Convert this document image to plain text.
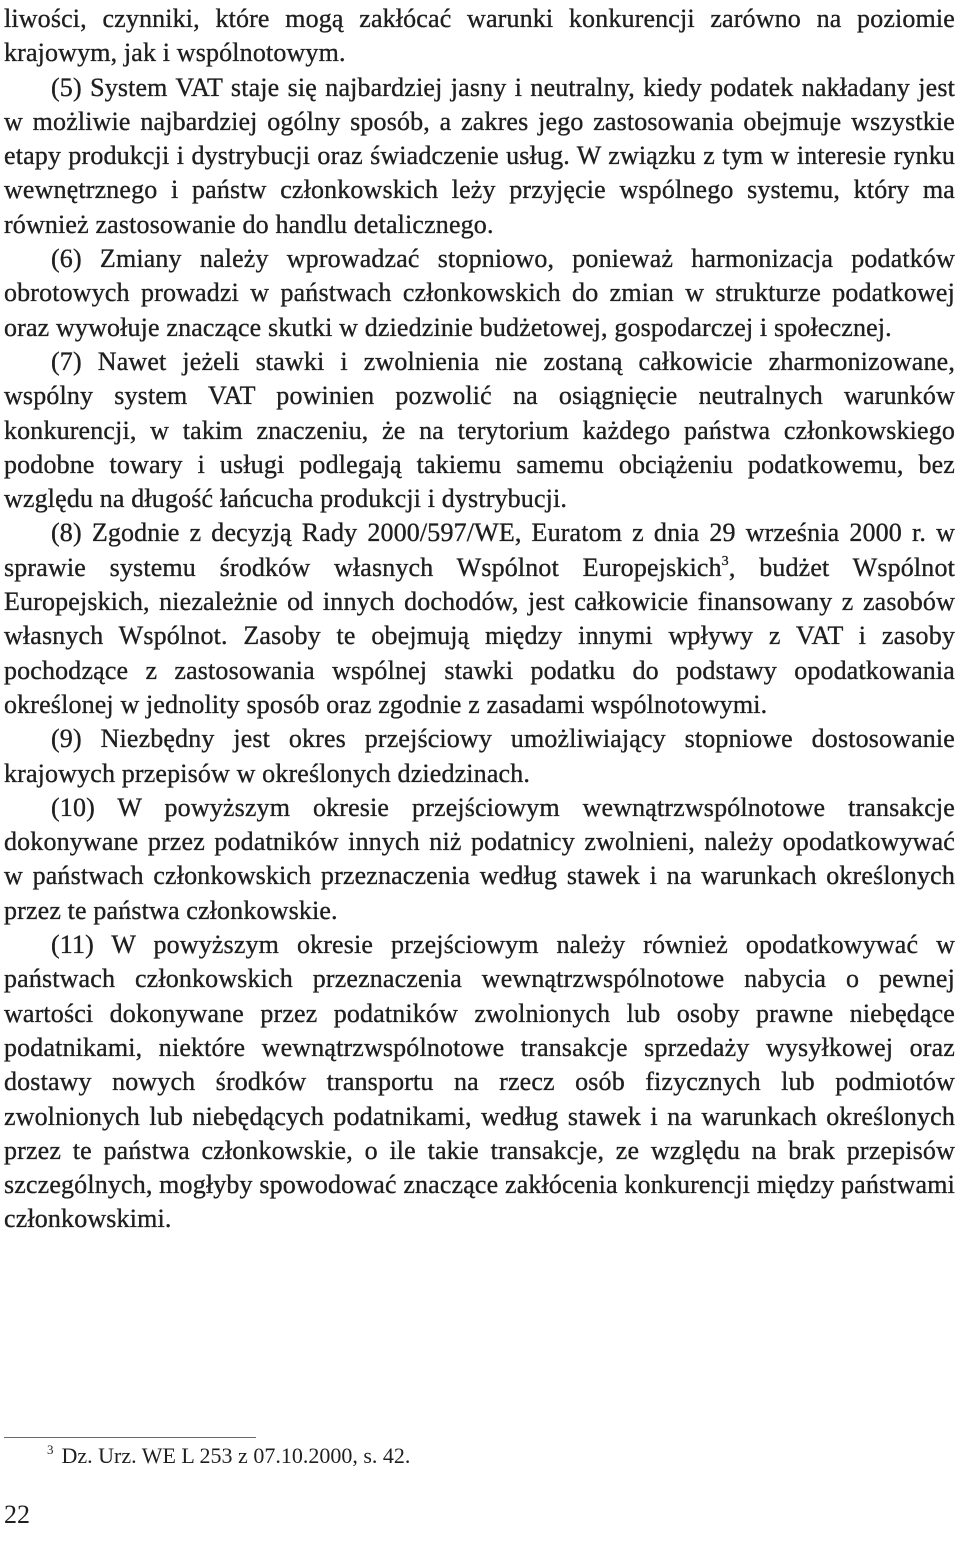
liwości, czynniki, które mogą zakłócać warunki konkurencji zarówno na poziomie krajowym, jak i wspólnotowym.

(5) System VAT staje się najbardziej jasny i neutralny, kiedy podatek nakładany jest w możliwie najbardziej ogólny sposób, a zakres jego zastosowania obejmuje wszystkie etapy produkcji i dystrybucji oraz świadczenie usług. W związku z tym w interesie rynku wewnętrznego i państw członkowskich leży przyjęcie wspólnego systemu, który ma również zastosowanie do handlu detalicznego.

(6) Zmiany należy wprowadzać stopniowo, ponieważ harmonizacja podatków obrotowych prowadzi w państwach członkowskich do zmian w strukturze podatkowej oraz wywołuje znaczące skutki w dziedzinie budżetowej, gospodarczej i społecznej.

(7) Nawet jeżeli stawki i zwolnienia nie zostaną całkowicie zharmonizowane, wspólny system VAT powinien pozwolić na osiągnięcie neutralnych warunków konkurencji, w takim znaczeniu, że na terytorium każdego państwa członkowskiego podobne towary i usługi podlegają takiemu samemu obciążeniu podatkowemu, bez względu na długość łańcucha produkcji i dystrybucji.

(8) Zgodnie z decyzją Rady 2000/597/WE, Euratom z dnia 29 września 2000 r. w sprawie systemu środków własnych Wspólnot Europejskich$^3$, budżet Wspólnot Europejskich, niezależnie od innych dochodów, jest całkowicie finansowany z zasobów własnych Wspólnot. Zasoby te obejmują między innymi wpływy z VAT i zasoby pochodzące z zastosowania wspólnej stawki podatku do podstawy opodatkowania określonej w jednolity sposób oraz zgodnie z zasadami wspólnotowymi.

(9) Niezbędny jest okres przejściowy umożliwiający stopniowe dostosowanie krajowych przepisów w określonych dziedzinach.

(10) W powyższym okresie przejściowym wewnątrzwspólnotowe transakcje dokonywane przez podatników innych niż podatnicy zwolnieni, należy opodatkowywać w państwach członkowskich przeznaczenia według stawek i na warunkach określonych przez te państwa członkowskie.

(11) W powyższym okresie przejściowym należy również opodatkowywać w państwach członkowskich przeznaczenia wewnątrzwspólnotowe nabycia o pewnej wartości dokonywane przez podatników zwolnionych lub osoby prawne niebędące podatnikami, niektóre wewnątrzwspólnotowe transakcje sprzedaży wysyłkowej oraz dostawy nowych środków transportu na rzecz osób fizycznych lub podmiotów zwolnionych lub niebędących podatnikami, według stawek i na warunkach określonych przez te państwa członkowskie, o ile takie transakcje, ze względu na brak przepisów szczególnych, mogłyby spowodować znaczące zakłócenia konkurencji między państwami członkowskimi.

$^3$ Dz. Urz. WE L 253 z 07.10.2000, s. 42.
22
